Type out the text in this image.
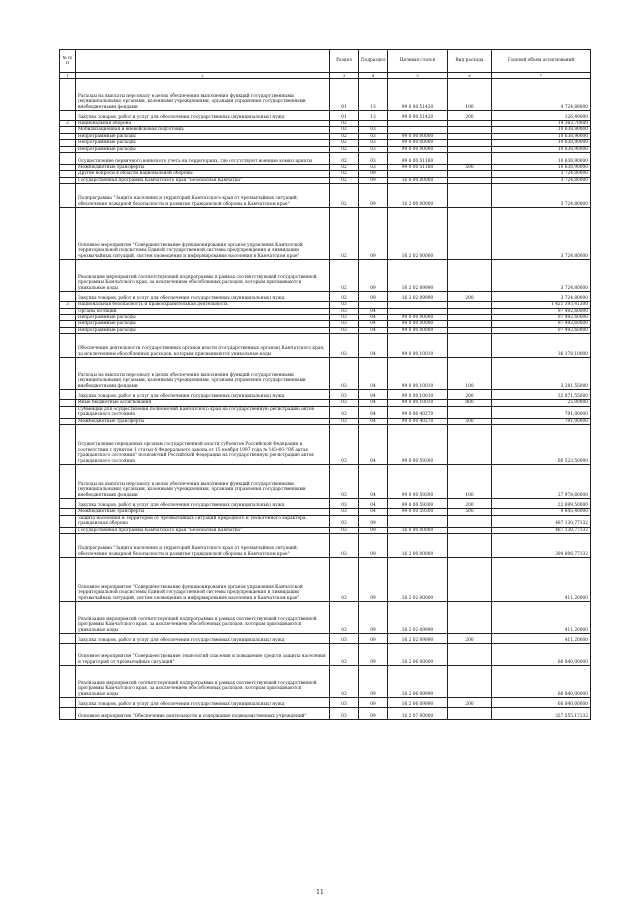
№ п/п		Раздел	Подраздел	Целевая статья	Вид расхода	Годовой объем ассигнований
1	2	3	4	5	6	7
	Расходы на выплаты персоналу в целях обеспечения выполнения функций государственными (муниципальными) органами, казенными учреждениями, органами управления государственными внебюджетными фондами	01	13	99 0 00 51420	100	4 724,89000
	Закупка товаров, работ и услуг для обеспечения государственных (муниципальных) нужд	01	13	99 0 00 51420	200	126,49000
2	Национальная оборона	02				14 363,70000
	Мобилизационная и вневойсковая подготовка	02	03			10 638,90000
	Непрограммные расходы	02	03	99 0 00 00000		10 638,90000
	Непрограммные расходы	02	03	99 0 00 00000		10 638,90000
	Непрограммные расходы	02	03	99 0 00 00000		10 638,90000
	Осуществление первичного воинского учета на территориях, где отсутствуют военные комиссариаты	02	03	99 0 00 51180		10 638,90000
	Межбюджетные трансферты	02	03	99 0 00 51180	500	10 638,90000
	Другие вопросы в области национальной обороны	02	09			3 724,80000
	Государственная программа Камчатского края "Безопасная Камчатка"	02	09	16 0 00 00000		3 724,80000
	Подпрограмма "Защита населения и территорий Камчатского края от чрезвычайных ситуаций, обеспечение пожарной безопасности и развитие гражданской обороны в Камчатском крае"	02	09	16 2 00 00000		3 724,80000
	Основное мероприятие "Совершенствование функционирования органов управления Камчатской территориальной подсистемы Единой государственной системы предупреждения и ликвидации чрезвычайных ситуаций, систем оповещения и информирования населения в Камчатском крае"	02	09	16 2 02 00000		3 724,80000
	Реализация мероприятий соответствующей подпрограммы в рамках соответствующей государственной программы Камчатского края, за исключением обособленных расходов, которым присваиваются уникальные коды	02	09	16 2 02 09990		3 724,80000
	Закупка товаров, работ и услуг для обеспечения государственных (муниципальных) нужд	02	09	16 2 02 09990	200	3 724,80000
3	Национальная безопасность и правоохранительная деятельность	03				1 421 393,41300
	Органы юстиции	03	04			97 492,60000
	Непрограммные расходы	03	04	99 0 00 00000		97 492,60000
	Непрограммные расходы	03	04	99 0 00 00000		97 492,60000
	Непрограммные расходы	03	04	99 0 00 00000		97 492,60000
	Обеспечение деятельности государственных органов власти (государственных органов) Камчатского края, за исключением обособленных расходов, которым присваиваются уникальные коды	03	04	99 0 00 10010		36 178,10000
	Расходы на выплаты персоналу в целях обеспечения выполнения функций государственными (муниципальными) органами, казенными учреждениями, органами управления государственными внебюджетными фондами	03	04	99 0 00 10010	100	3 281,55000
	Закупка товаров, работ и услуг для обеспечения государственных (муниципальных) нужд	03	04	99 0 00 10010	200	32 871,55000
	Иные бюджетные ассигнования	03	04	99 0 00 10010	800	25,00000
	Субвенции для осуществления полномочий Камчатского края на государственную регистрацию актов гражданского состояния	03	04	99 0 00 40270		791,00000
	Межбюджетные трансферты	03	04	99 0 00 40270	500	791,00000
	Осуществление переданных органам государственной власти субъектов Российской Федерации в соответствии с пунктом 1 статьи 4 Федерального закона от 15 ноября 1997 года № 143-ФЗ "Об актах гражданского состояния" полномочий Российской Федерации на государственную регистрацию актов гражданского состояния	03	04	99 0 00 59300		60 523,50000
	Расходы на выплаты персоналу в целях обеспечения выполнения функций государственными (муниципальными) органами, казенными учреждениями, органами управления государственными внебюджетными фондами	03	04	99 0 00 59300	100	27 978,60000
	Закупка товаров, работ и услуг для обеспечения государственных (муниципальных) нужд	03	04	99 0 00 59300	200	22 699,50000
	Межбюджетные трансферты	03	04	99 0 00 59300	500	9 845,40000
	Защита населения и территории от чрезвычайных ситуаций природного и техногенного характера, гражданская оборона	03	09			487 130,77132
	Государственная программа Камчатского края "Безопасная Камчатка"	03	09	16 0 00 00000		487 130,77132
	Подпрограмма "Защита населения и территорий Камчатского края от чрезвычайных ситуаций, обеспечение пожарной безопасности и развитие гражданской обороны в Камчатском крае"	03	09	16 2 00 00000		394 806,77132
	Основное мероприятие "Совершенствование функционирования органов управления Камчатской территориальной подсистемы Единой государственной системы предупреждения и ликвидации чрезвычайных ситуаций, систем оповещения и информирования населения в Камчатском крае"	03	09	16 2 02 00000		411,20000
	Реализация мероприятий соответствующей подпрограммы в рамках соответствующей государственной программы Камчатского края, за исключением обособленных расходов, которым присваиваются уникальные коды	03	09	16 2 02 09990		411,20000
	Закупка товаров, работ и услуг для обеспечения государственных (муниципальных) нужд	03	09	16 2 02 09990	200	411,20000
	Основное мероприятие "Совершенствование технологий спасения и повышение средств защиты населения и территорий от чрезвычайных ситуаций"	03	09	16 2 06 00000		66 840,00000
	Реализация мероприятий соответствующей подпрограммы в рамках соответствующей государственной программы Камчатского края, за исключением обособленных расходов, которым присваиваются уникальные коды	03	09	16 2 06 09990		66 840,00000
	Закупка товаров, работ и услуг для обеспечения государственных (муниципальных) нужд	03	09	16 2 06 09990	200	66 840,00000
	Основное мероприятие "Обеспечение деятельности и содержание подведомственных учреждений"	03	09	16 2 07 00000		327 555,17132
11
